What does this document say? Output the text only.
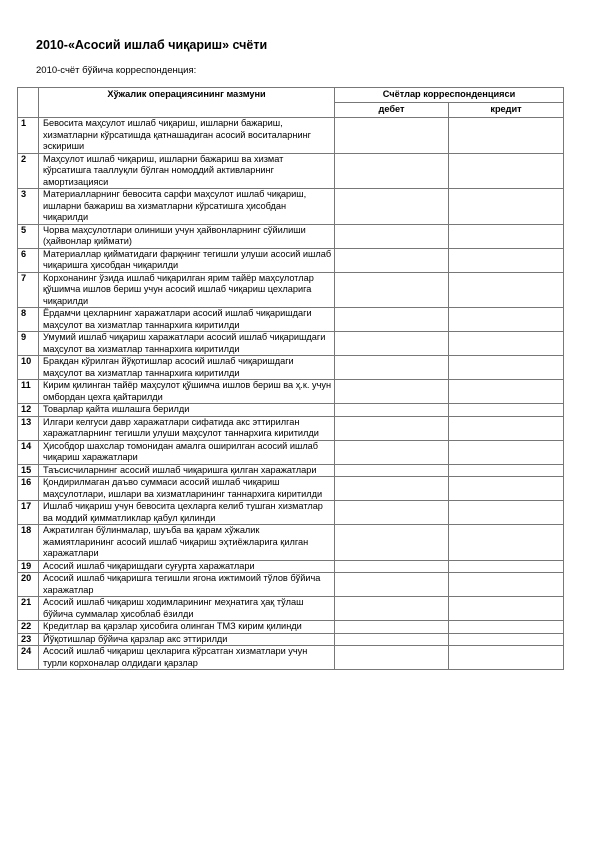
2010-«Асосий ишлаб чиқариш» счёти
2010-счёт бўйича корреспонденция:
	Хўжалик операциясининг мазмуни	Счётлар корреспонденцияси	
		дебет	кредит
1	Бевосита маҳсулот ишлаб чиқариш, ишларни бажариш, хизматларни кўрсатишда қатнашадиган асосий воситаларнинг эскириши		
2	Маҳсулот ишлаб чиқариш, ишларни бажариш ва хизмат кўрсатишга тааллуқли бўлган номоддий активларнинг амортизацияси		
3	Материалларнинг бевосита сарфи маҳсулот ишлаб чиқариш, ишларни бажариш ва хизматларни кўрсатишга ҳисобдан чиқарилди		
5	Чорва маҳсулотлари олиниши учун ҳайвонларнинг сўйилиши (ҳайвонлар қиймати)		
6	Материаллар қийматидаги фарқнинг тегишли улуши асосий ишлаб чиқаришга ҳисобдан чиқарилди		
7	Корхонанинг ўзида ишлаб чиқарилган ярим тайёр маҳсулотлар қўшимча ишлов бериш учун асосий ишлаб чиқариш цехларига чиқарилди		
8	Ёрдамчи цехларнинг харажатлари асосий ишлаб чиқаришдаги маҳсулот ва хизматлар таннархига киритилди		
9	Умумий ишлаб чиқариш харажатлари асосий ишлаб чиқаришдаги маҳсулот ва хизматлар таннархига киритилди		
10	Бракдан кўрилган йўқотишлар асосий ишлаб чиқаришдаги маҳсулот ва хизматлар таннархига киритилди		
11	Кирим қилинган тайёр маҳсулот қўшимча ишлов бериш ва ҳ.к. учун омбордан цехга қайтарилди		
12	Товарлар қайта ишлашга берилди		
13	Илгари келгуси давр харажатлари сифатида акс эттирилган харажатларнинг тегишли улуши маҳсулот таннархига киритилди		
14	Ҳисобдор шахслар томонидан амалга оширилган асосий ишлаб чиқариш харажатлари		
15	Таъсисчиларнинг асосий ишлаб чиқаришга қилган харажатлари		
16	Қондирилмаган даъво суммаси асосий ишлаб чиқариш маҳсулотлари, ишлари ва хизматларининг таннархига киритилди		
17	Ишлаб чиқариш учун бевосита цехларга келиб тушган хизматлар ва моддий қимматликлар қабул қилинди		
18	Ажратилган бўлинмалар, шуъба ва қарам хўжалик жамиятларининг асосий ишлаб чиқариш эҳтиёжларига қилган харажатлари		
19	Асосий ишлаб чиқаришдаги суғурта харажатлари		
20	Асосий ишлаб чиқаришга тегишли ягона ижтимоий тўлов бўйича харажатлар		
21	Асосий ишлаб чиқариш ходимларининг меҳнатига ҳақ тўлаш бўйича суммалар ҳисоблаб ёзилди		
22	Кредитлар ва қарзлар ҳисобига олинган ТМЗ кирим қилинди		
23	Йўқотишлар бўйича қарзлар акс эттирилди		
24	Асосий ишлаб чиқариш цехларига кўрсатган хизматлари учун турли корхоналар олдидаги қарзлар		
